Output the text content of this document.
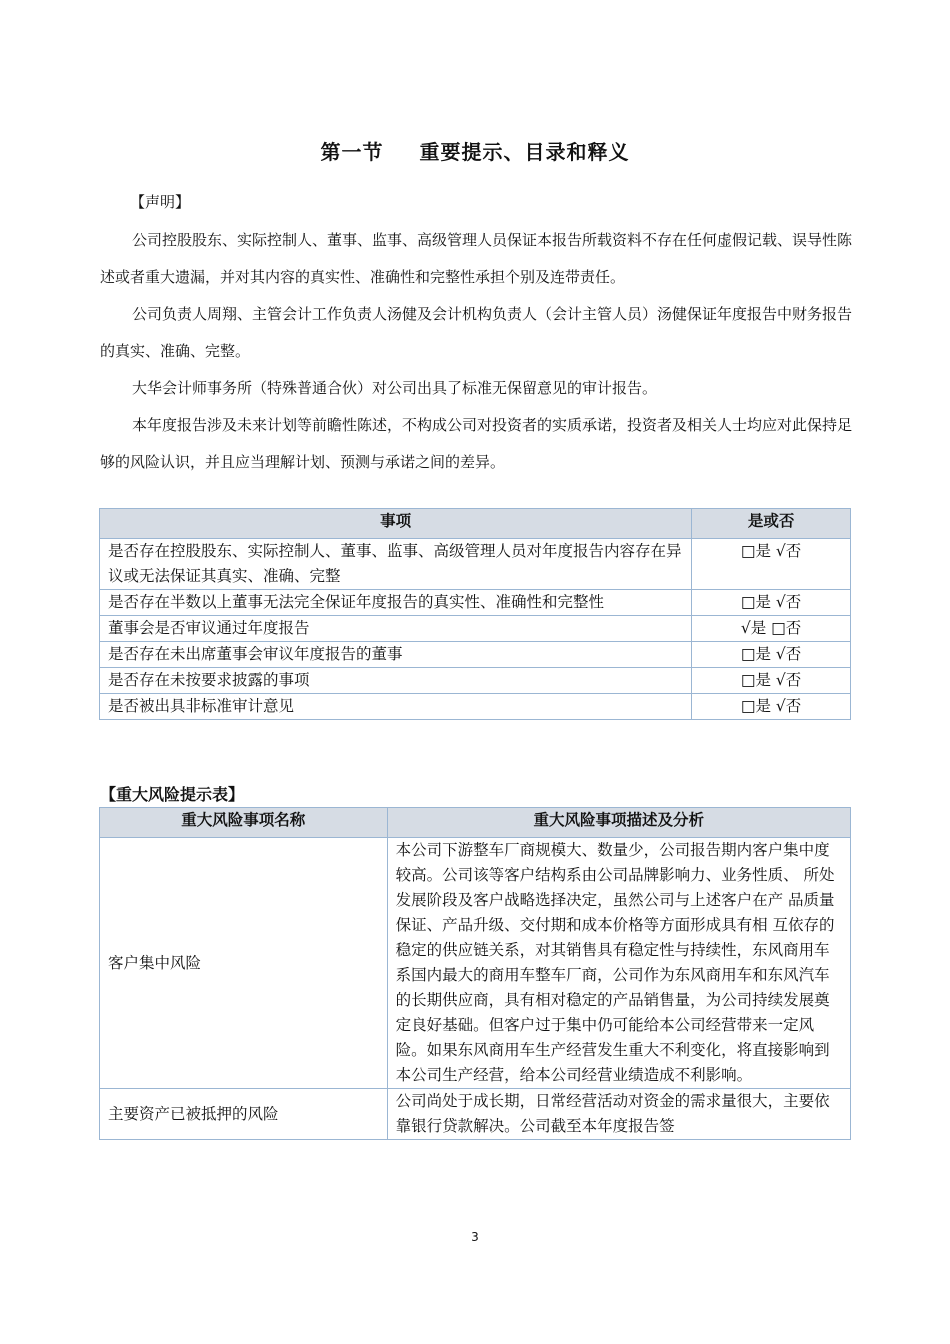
第一节 重要提示、目录和释义
【声明】
公司控股股东、实际控制人、董事、监事、高级管理人员保证本报告所载资料不存在任何虚假记载、误导性陈述或者重大遗漏，并对其内容的真实性、准确性和完整性承担个别及连带责任。
公司负责人周翔、主管会计工作负责人汤健及会计机构负责人（会计主管人员）汤健保证年度报告中财务报告的真实、准确、完整。
大华会计师事务所（特殊普通合伙）对公司出具了标准无保留意见的审计报告。
本年度报告涉及未来计划等前瞻性陈述，不构成公司对投资者的实质承诺，投资者及相关人士均应对此保持足够的风险认识，并且应当理解计划、预测与承诺之间的差异。
事项	是或否
是否存在控股股东、实际控制人、董事、监事、高级管理人员对年度报告内容存在异议或无法保证其真实、准确、完整	□是 √否
是否存在半数以上董事无法完全保证年度报告的真实性、准确性和完整性	□是 √否
董事会是否审议通过年度报告	√是 □否
是否存在未出席董事会审议年度报告的董事	□是 √否
是否存在未按要求披露的事项	□是 √否
是否被出具非标准审计意见	□是 √否
【重大风险提示表】
重大风险事项名称	重大风险事项描述及分析
客户集中风险	本公司下游整车厂商规模大、数量少，公司报告期内客户集中度较高。公司该等客户结构系由公司品牌影响力、业务性质、 所处发展阶段及客户战略选择决定，虽然公司与上述客户在产 品质量保证、产品升级、交付期和成本价格等方面形成具有相 互依存的稳定的供应链关系，对其销售具有稳定性与持续性，东风商用车系国内最大的商用车整车厂商，公司作为东风商用车和东风汽车的长期供应商，具有相对稳定的产品销售量，为公司持续发展奠定良好基础。但客户过于集中仍可能给本公司经营带来一定风险。如果东风商用车生产经营发生重大不利变化，将直接影响到本公司生产经营，给本公司经营业绩造成不利影响。
主要资产已被抵押的风险	公司尚处于成长期，日常经营活动对资金的需求量很大，主要依靠银行贷款解决。公司截至本年度报告签
3
